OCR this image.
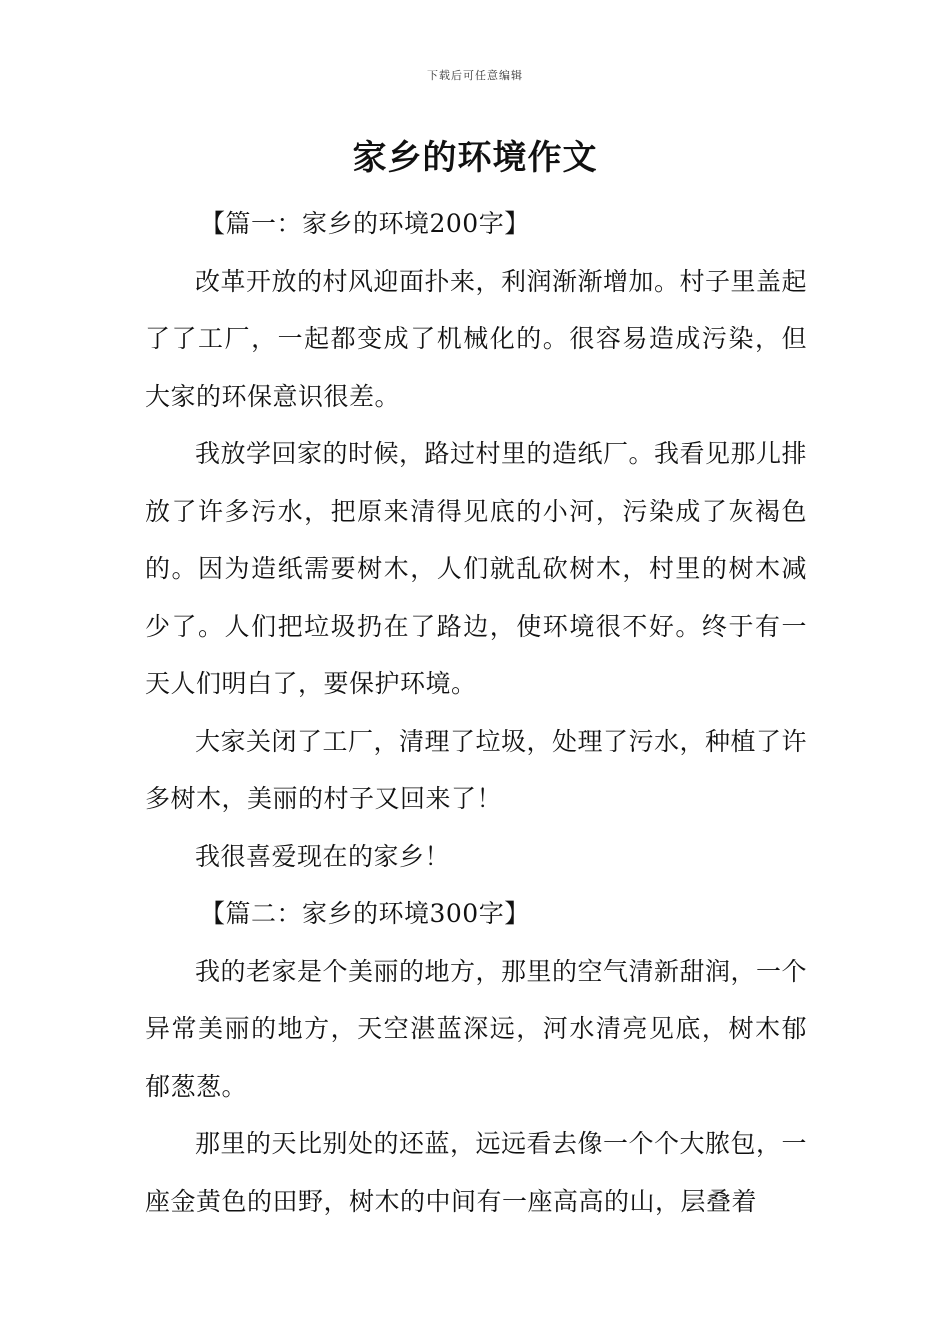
下载后可任意编辑
家乡的环境作文

【篇一：家乡的环境200字】

改革开放的村风迎面扑来，利润渐渐增加。村子里盖起了了工厂，一起都变成了机械化的。很容易造成污染，但大家的环保意识很差。

我放学回家的时候，路过村里的造纸厂。我看见那儿排放了许多污水，把原来清得见底的小河，污染成了灰褐色的。因为造纸需要树木，人们就乱砍树木，村里的树木减少了。人们把垃圾扔在了路边，使环境很不好。终于有一天人们明白了，要保护环境。

大家关闭了工厂，清理了垃圾，处理了污水，种植了许多树木，美丽的村子又回来了！

我很喜爱现在的家乡！

【篇二：家乡的环境300字】

我的老家是个美丽的地方，那里的空气清新甜润，一个异常美丽的地方，天空湛蓝深远，河水清亮见底，树木郁郁葱葱。

那里的天比别处的还蓝，远远看去像一个个大脓包，一座金黄色的田野，树木的中间有一座高高的山，层叠着
